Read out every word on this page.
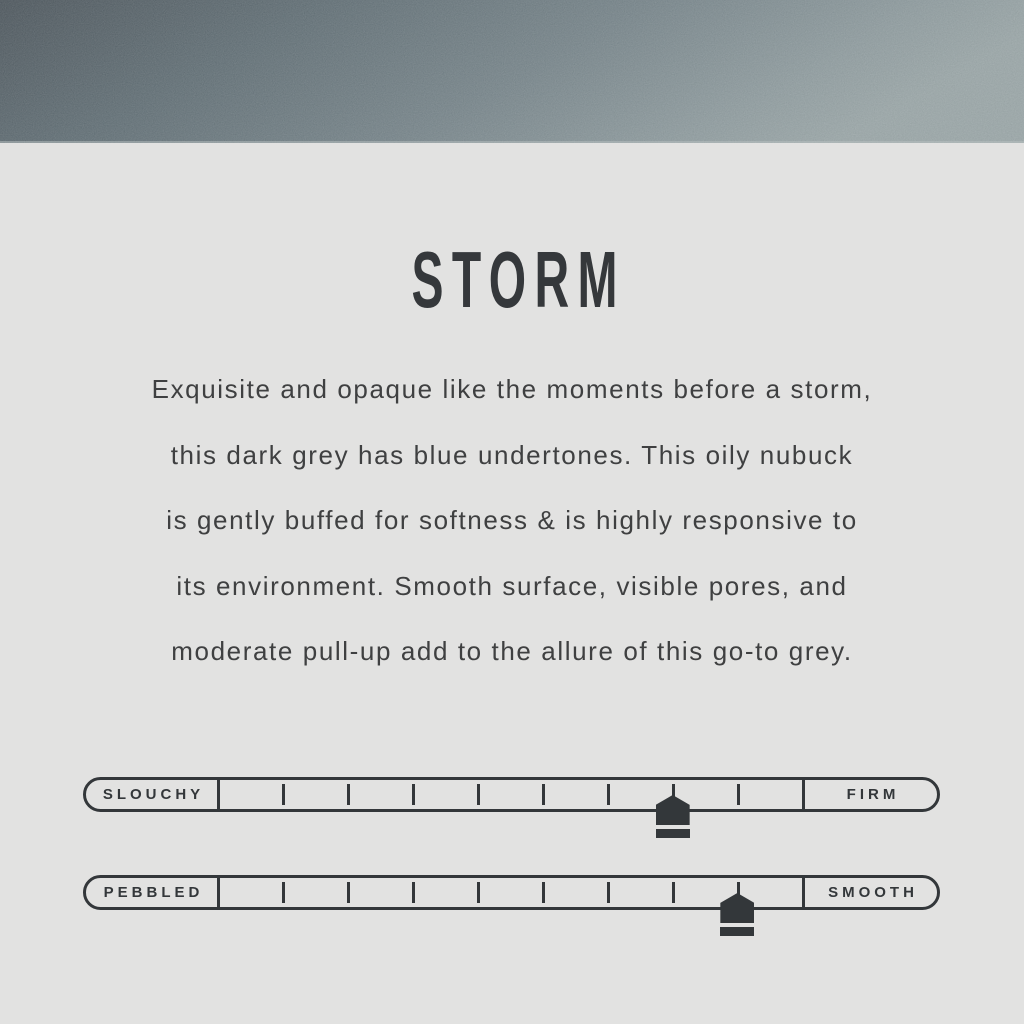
STORM
Exquisite and opaque like the moments before a storm,
this dark grey has blue undertones. This oily nubuck
is gently buffed for softness & is highly responsive to
its environment. Smooth surface, visible pores, and
moderate pull-up add to the allure of this go-to grey.
SLOUCHY	FIRM
PEBBLED	SMOOTH
